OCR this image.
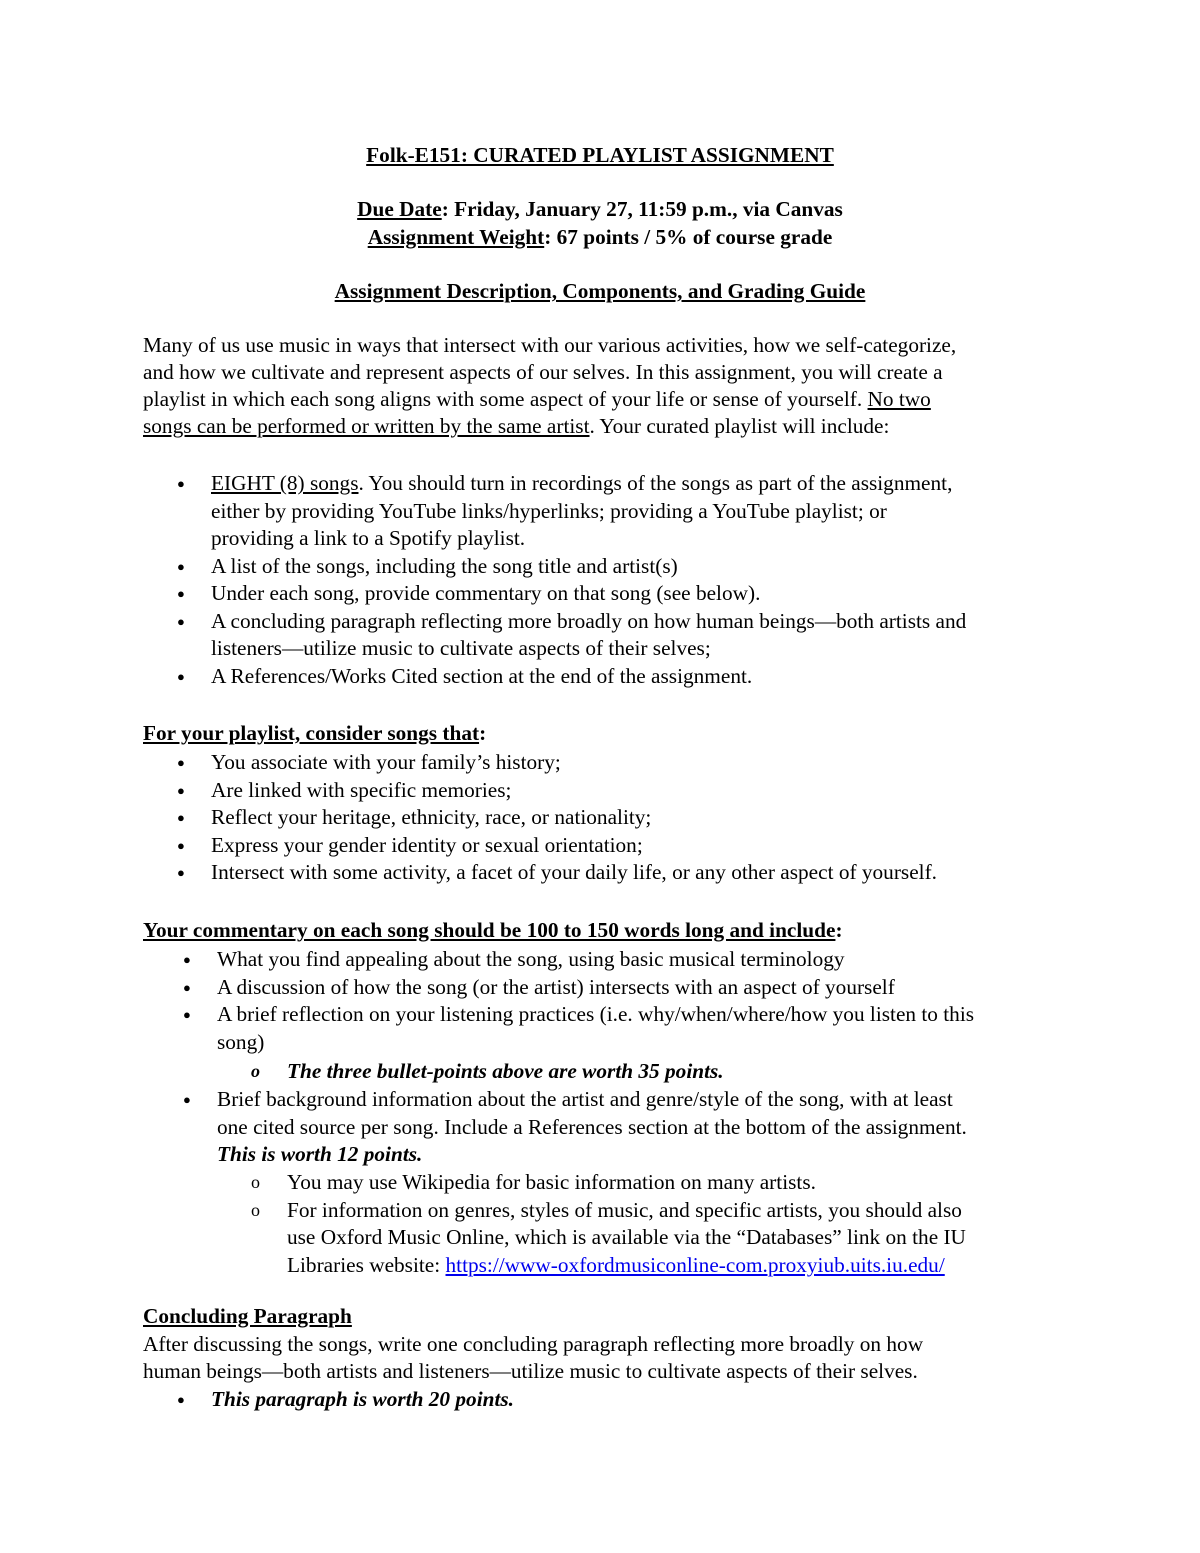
Folk-E151: CURATED PLAYLIST ASSIGNMENT
Due Date: Friday, January 27, 11:59 p.m., via Canvas
Assignment Weight: 67 points / 5% of course grade
Assignment Description, Components, and Grading Guide
Many of us use music in ways that intersect with our various activities, how we self-categorize,
and how we cultivate and represent aspects of our selves. In this assignment, you will create a
playlist in which each song aligns with some aspect of your life or sense of yourself. No two
songs can be performed or written by the same artist. Your curated playlist will include:
● EIGHT (8) songs. You should turn in recordings of the songs as part of the assignment,
either by providing YouTube links/hyperlinks; providing a YouTube playlist; or
providing a link to a Spotify playlist.
● A list of the songs, including the song title and artist(s)
● Under each song, provide commentary on that song (see below).
● A concluding paragraph reflecting more broadly on how human beings—both artists and
listeners—utilize music to cultivate aspects of their selves;
● A References/Works Cited section at the end of the assignment.
For your playlist, consider songs that:
● You associate with your family’s history;
● Are linked with specific memories;
● Reflect your heritage, ethnicity, race, or nationality;
● Express your gender identity or sexual orientation;
● Intersect with some activity, a facet of your daily life, or any other aspect of yourself.
Your commentary on each song should be 100 to 150 words long and include:
● What you find appealing about the song, using basic musical terminology
● A discussion of how the song (or the artist) intersects with an aspect of yourself
● A brief reflection on your listening practices (i.e. why/when/where/how you listen to this
song)
o The three bullet-points above are worth 35 points.
● Brief background information about the artist and genre/style of the song, with at least
one cited source per song. Include a References section at the bottom of the assignment.
This is worth 12 points.
o You may use Wikipedia for basic information on many artists.
o For information on genres, styles of music, and specific artists, you should also
use Oxford Music Online, which is available via the “Databases” link on the IU
Libraries website: https://www-oxfordmusiconline-com.proxyiub.uits.iu.edu/
Concluding Paragraph
After discussing the songs, write one concluding paragraph reflecting more broadly on how
human beings—both artists and listeners—utilize music to cultivate aspects of their selves.
● This paragraph is worth 20 points.
